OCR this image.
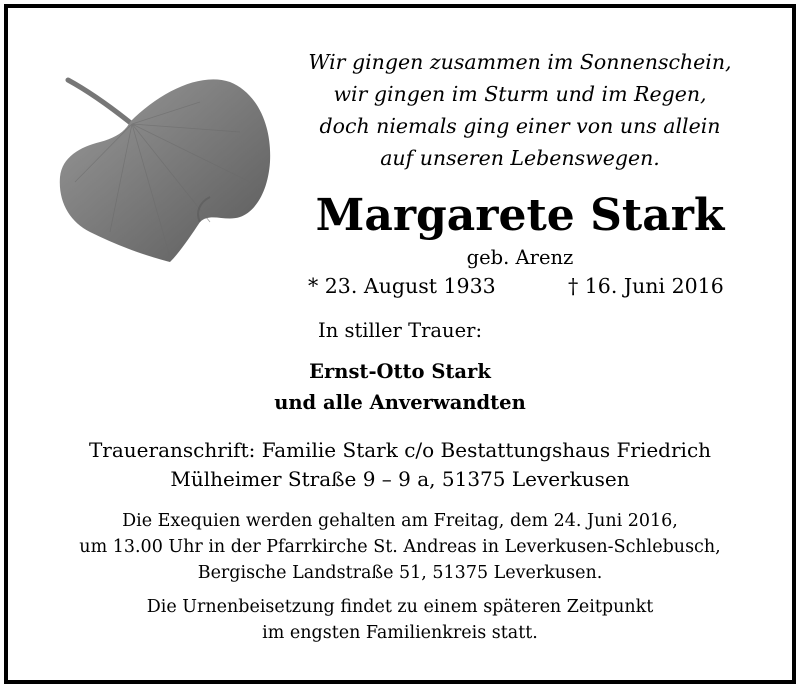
Wir gingen zusammen im Sonnenschein,
wir gingen im Sturm und im Regen,
doch niemals ging einer von uns allein
auf unseren Lebenswegen.
Margarete Stark
geb. Arenz
* 23. August 1933	† 16. Juni 2016
In stiller Trauer:
Ernst-Otto Stark
und alle Anverwandten
Traueranschrift: Familie Stark c/o Bestattungshaus Friedrich
Mülheimer Straße 9 – 9 a, 51375 Leverkusen
Die Exequien werden gehalten am Freitag, dem 24. Juni 2016,
um 13.00 Uhr in der Pfarrkirche St. Andreas in Leverkusen-Schlebusch,
Bergische Landstraße 51, 51375 Leverkusen.
Die Urnenbeisetzung findet zu einem späteren Zeitpunkt
im engsten Familienkreis statt.
